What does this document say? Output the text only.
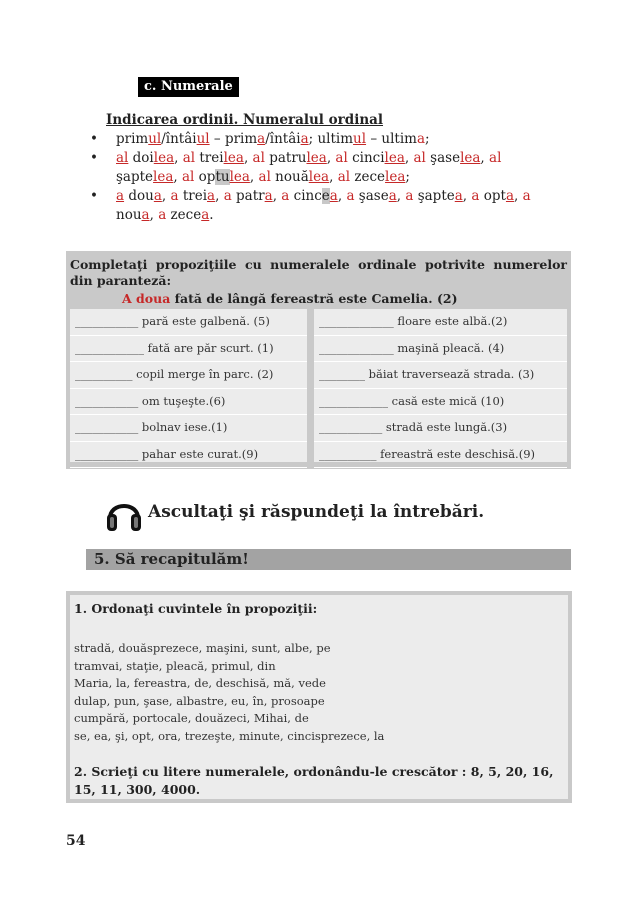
c. Numerale
Indicarea ordinii. Numeralul ordinal
• primul/întâiul – prima/întâia; ultimul – ultima;
• al doilea, al treilea, al patrulea, al cincilea, al şaselea, al şaptelea, al optulea, al nouălea, al zecelea;
• a doua, a treia, a patra, a cincea, a şasea, a şaptea, a opta, a noua, a zecea.
Completaţi propoziţiile cu numeralele ordinale potrivite numerelor
din paranteză:
A doua fată de lângă fereastră este Camelia. (2)
___________ pară este galbenă. (5)
____________ fată are păr scurt. (1)
__________ copil merge în parc. (2)
___________ om tuşeşte.(6)
___________ bolnav iese.(1)
___________ pahar este curat.(9)
_____________ floare este albă.(2)
_____________ maşină pleacă. (4)
________ băiat traversează strada. (3)
____________ casă este mică (10)
___________ stradă este lungă.(3)
__________ fereastră este deschisă.(9)
Ascultaţi şi răspundeţi la întrebări.
5. Să recapitulăm!
1. Ordonaţi cuvintele în propoziţii:
stradă, douăsprezece, maşini, sunt, albe, pe
tramvai, staţie, pleacă, primul, din
Maria, la, fereastra, de, deschisă, mă, vede
dulap, pun, şase, albastre, eu, în, prosoape
cumpără, portocale, douăzeci, Mihai, de
se, ea, şi, opt, ora, trezeşte, minute, cincisprezece, la
2. Scrieţi cu litere numeralele, ordonându-le crescător : 8, 5, 20, 16, 15, 11, 300, 4000.
54
